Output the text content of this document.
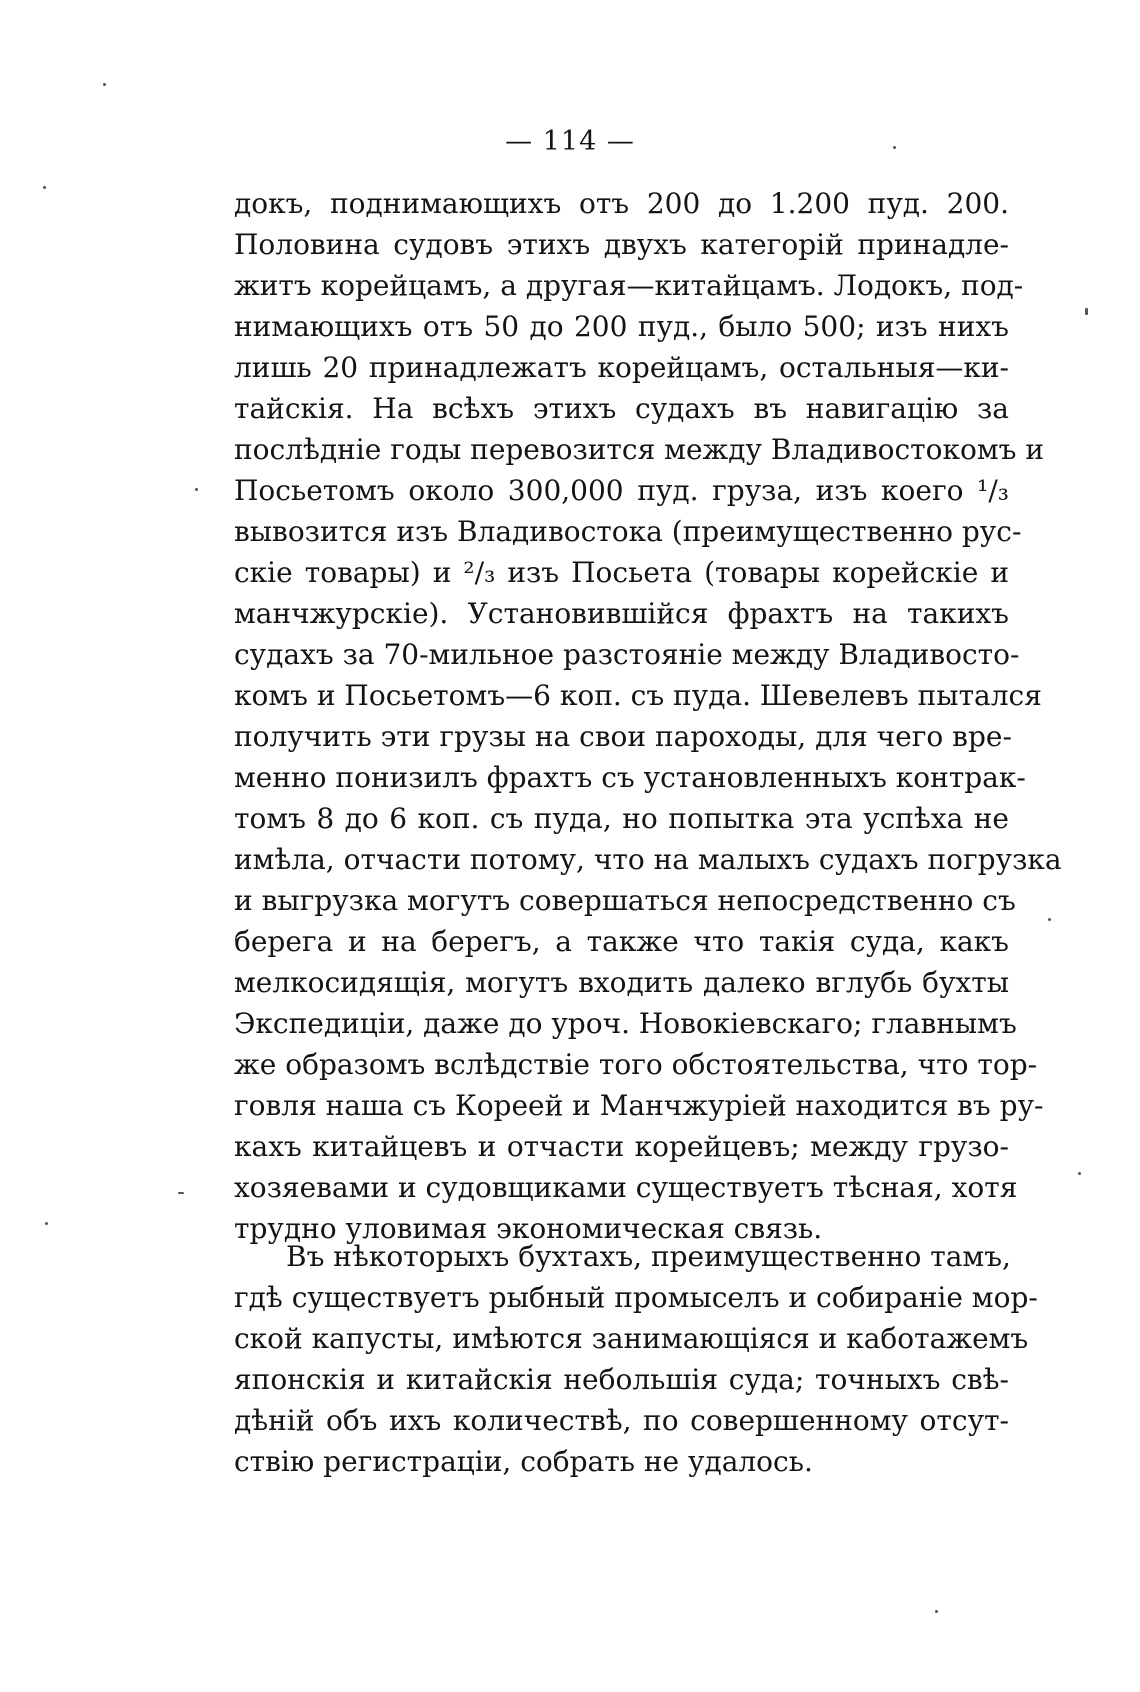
— 114 —
докъ, поднимающихъ отъ 200 до 1.200 пуд. 200.
Половина судовъ этихъ двухъ категорій принадле-
житъ корейцамъ, а другая—китайцамъ. Лодокъ, под-
нимающихъ отъ 50 до 200 пуд., было 500; изъ нихъ
лишь 20 принадлежатъ корейцамъ, остальныя—ки-
тайскія. На всѣхъ этихъ судахъ въ навигацію за
послѣдніе годы перевозится между Владивостокомъ и
Посьетомъ около 300,000 пуд. груза, изъ коего ¹/₃
вывозится изъ Владивостока (преимущественно рус-
скіе товары) и ²/₃ изъ Посьета (товары корейскіе и
манчжурскіе). Установившійся фрахтъ на такихъ
судахъ за 70-мильное разстояніе между Владивосто-
комъ и Посьетомъ—6 коп. съ пуда. Шевелевъ пытался
получить эти грузы на свои пароходы, для чего вре-
менно понизилъ фрахтъ съ установленныхъ контрак-
томъ 8 до 6 коп. съ пуда, но попытка эта успѣха не
имѣла, отчасти потому, что на малыхъ судахъ погрузка
и выгрузка могутъ совершаться непосредственно съ
берега и на берегъ, а также что такія суда, какъ
мелкосидящія, могутъ входить далеко вглубь бухты
Экспедиціи, даже до уроч. Новокіевскаго; главнымъ
же образомъ вслѣдствіе того обстоятельства, что тор-
говля наша съ Кореей и Манчжуріей находится въ ру-
кахъ китайцевъ и отчасти корейцевъ; между грузо-
хозяевами и судовщиками существуетъ тѣсная, хотя
трудно уловимая экономическая связь.
Въ нѣкоторыхъ бухтахъ, преимущественно тамъ,
гдѣ существуетъ рыбный промыселъ и собираніе мор-
ской капусты, имѣются занимающіяся и каботажемъ
японскія и китайскія небольшія суда; точныхъ свѣ-
дѣній объ ихъ количествѣ, по совершенному отсут-
ствію регистраціи, собрать не удалось.
